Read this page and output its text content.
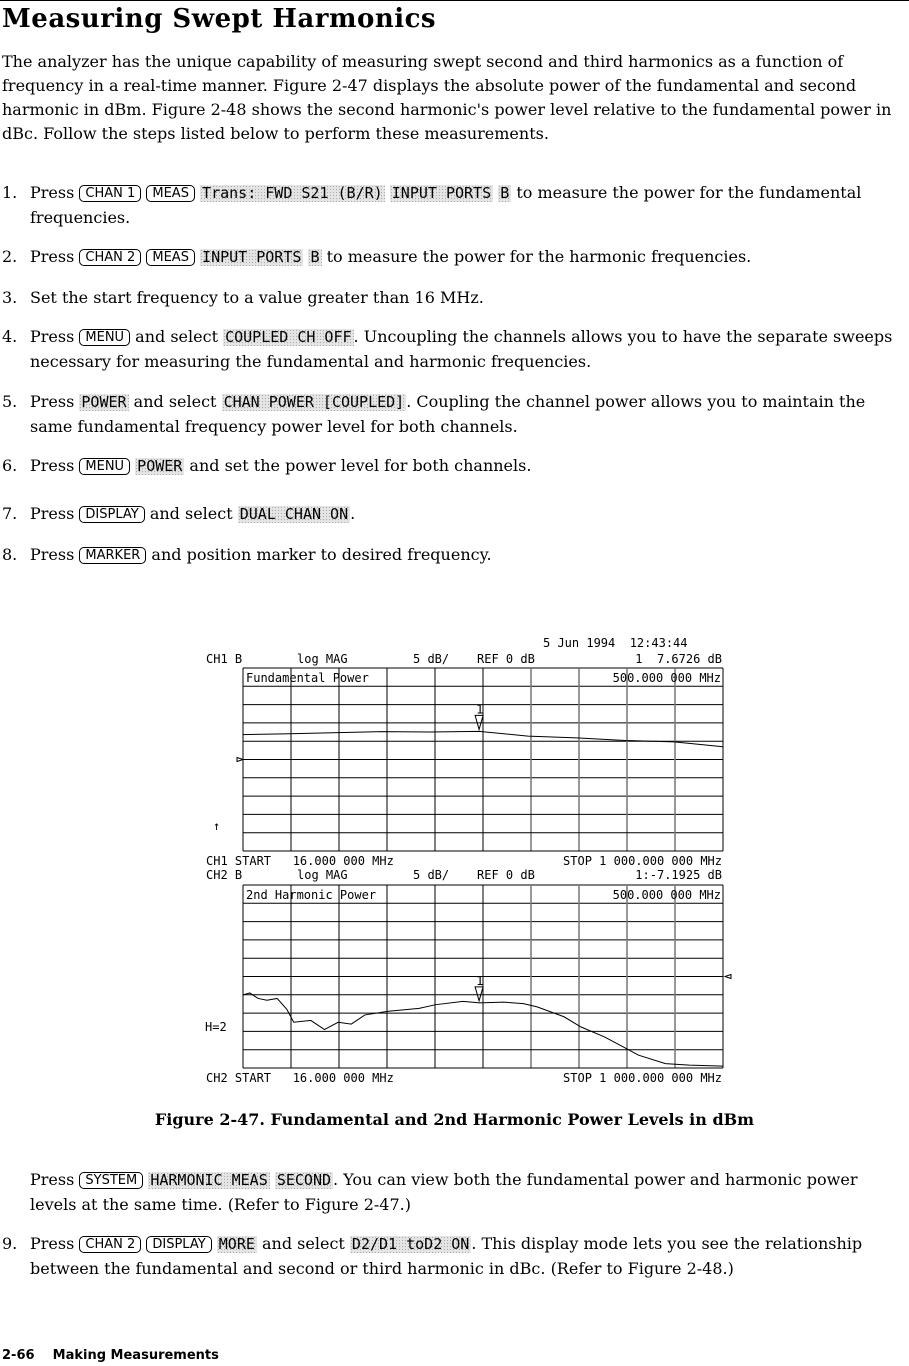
Measuring Swept Harmonics
The analyzer has the unique capability of measuring swept second and third harmonics as a function of frequency in a real-time manner. Figure 2-47 displays the absolute power of the fundamental and second harmonic in dBm. Figure 2-48 shows the second harmonic's power level relative to the fundamental power in dBc. Follow the steps listed below to perform these measurements.
1. Press CHAN 1 MEAS Trans: FWD S21 (B/R) INPUT PORTS B to measure the power for the fundamental frequencies.
2. Press CHAN 2 MEAS INPUT PORTS B to measure the power for the harmonic frequencies.
3. Set the start frequency to a value greater than 16 MHz.
4. Press MENU and select COUPLED CH OFF . Uncoupling the channels allows you to have the separate sweeps necessary for measuring the fundamental and harmonic frequencies.
5. Press POWER and select CHAN POWER [COUPLED] . Coupling the channel power allows you to maintain the same fundamental frequency power level for both channels.
6. Press MENU POWER and set the power level for both channels.
7. Press DISPLAY and select DUAL CHAN ON .
8. Press MARKER and position marker to desired frequency.
1
1
5 Jun 1994  12:43:44
CH1 B	log MAG	5 dB/ REF 0 dB	1  7.6726 dB
Fundamental Power	500.000 000 MHz
↑
CH1 START   16.000 000 MHz	STOP 1 000.000 000 MHz
CH2 B	log MAG	5 dB/ REF 0 dB	1:-7.1925 dB
2nd Harmonic Power	500.000 000 MHz
H=2
CH2 START   16.000 000 MHz	STOP 1 000.000 000 MHz
Figure 2-47. Fundamental and 2nd Harmonic Power Levels in dBm
Press SYSTEM HARMONIC MEAS SECOND . You can view both the fundamental power and harmonic power levels at the same time. (Refer to Figure 2-47.)
9. Press CHAN 2 DISPLAY MORE and select D2/D1 toD2 ON . This display mode lets you see the relationship between the fundamental and second or third harmonic in dBc. (Refer to Figure 2-48.)
2-66 Making Measurements
